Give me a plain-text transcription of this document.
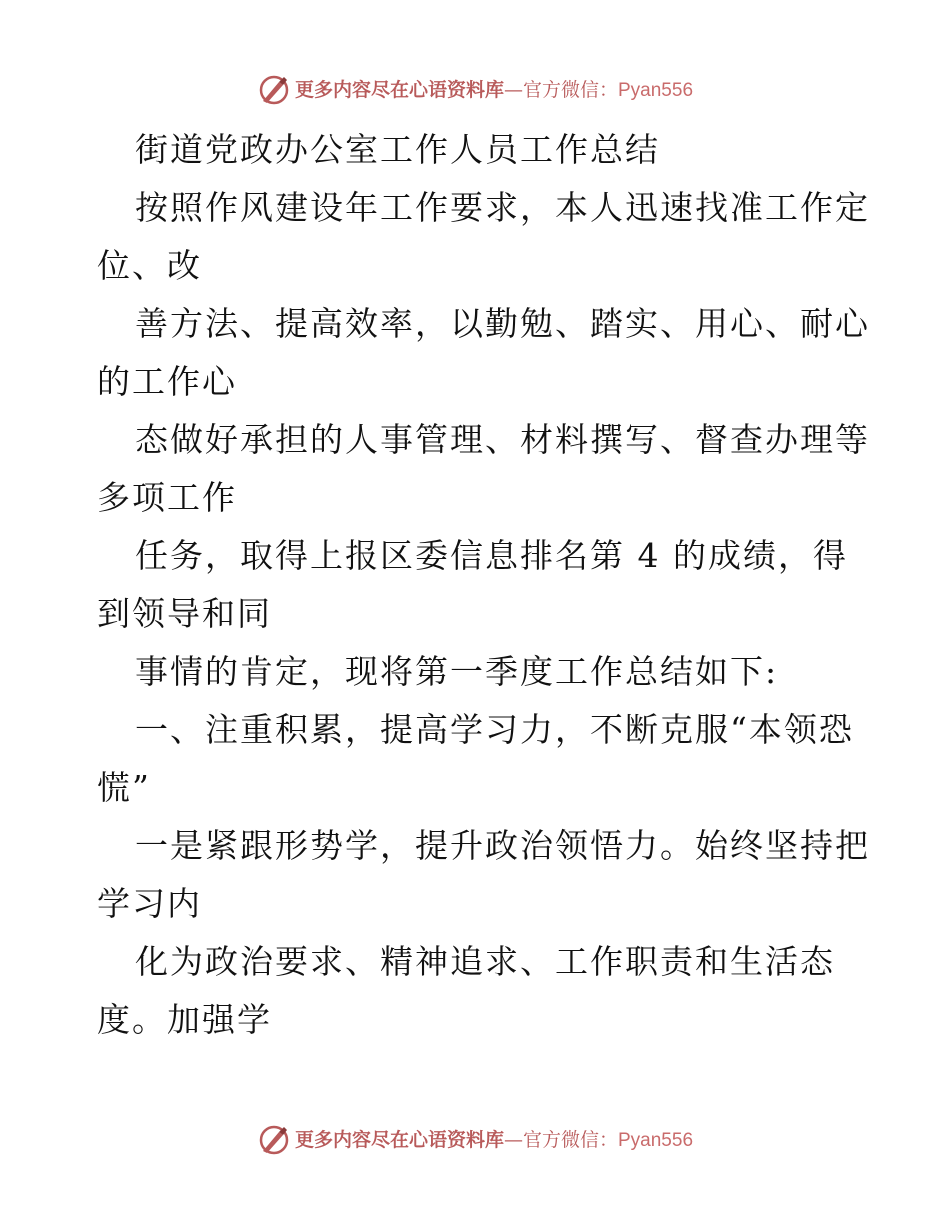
更多内容尽在心语资料库—官方微信：Pyan556
街道党政办公室工作人员工作总结
按照作风建设年工作要求，本人迅速找准工作定
位、改
善方法、提高效率，以勤勉、踏实、用心、耐心
的工作心
态做好承担的人事管理、材料撰写、督查办理等
多项工作
任务，取得上报区委信息排名第 4 的成绩，得
到领导和同
事情的肯定，现将第一季度工作总结如下:
一、注重积累，提高学习力，不断克服“本领恐
慌”
一是紧跟形势学，提升政治领悟力。始终坚持把
学习内
化为政治要求、精神追求、工作职责和生活态
度。加强学
更多内容尽在心语资料库—官方微信：Pyan556
